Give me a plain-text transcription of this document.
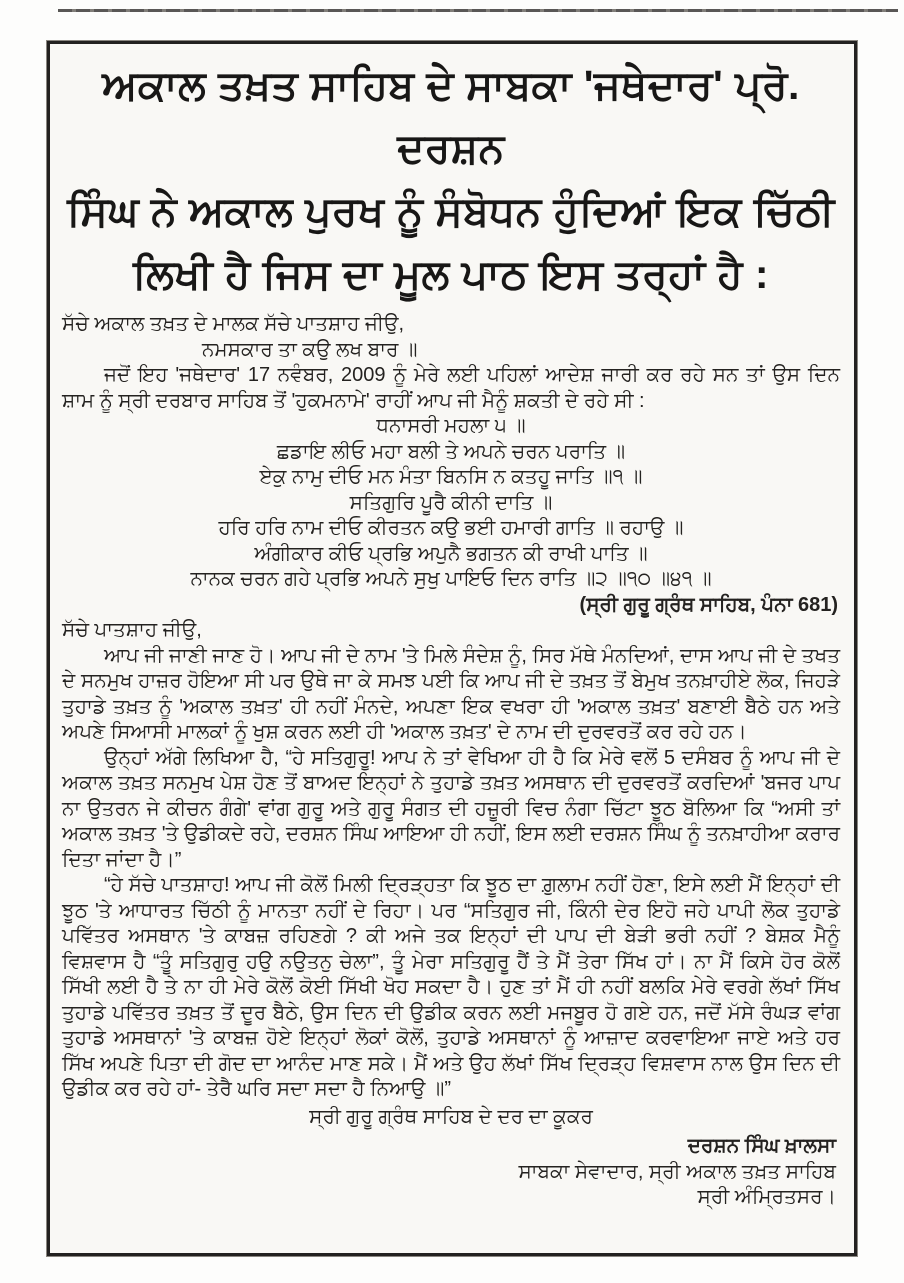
ਅਕਾਲ ਤਖ਼ਤ ਸਾਹਿਬ ਦੇ ਸਾਬਕਾ 'ਜਥੇਦਾਰ' ਪ੍ਰੋ. ਦਰਸ਼ਨ
ਸਿੰਘ ਨੇ ਅਕਾਲ ਪੁਰਖ ਨੂੰ ਸੰਬੋਧਨ ਹੁੰਦਿਆਂ ਇਕ ਚਿੱਠੀ
ਲਿਖੀ ਹੈ ਜਿਸ ਦਾ ਮੂਲ ਪਾਠ ਇਸ ਤਰ੍ਹਾਂ ਹੈ :

ਸੱਚੇ ਅਕਾਲ ਤਖ਼ਤ ਦੇ ਮਾਲਕ ਸੱਚੇ ਪਾਤਸ਼ਾਹ ਜੀਉ,

ਨਮਸਕਾਰ ਤਾ ਕਉ ਲਖ ਬਾਰ ॥

ਜਦੋਂ ਇਹ 'ਜਥੇਦਾਰ' 17 ਨਵੰਬਰ, 2009 ਨੂੰ ਮੇਰੇ ਲਈ ਪਹਿਲਾਂ ਆਦੇਸ਼ ਜਾਰੀ ਕਰ ਰਹੇ ਸਨ ਤਾਂ ਉਸ ਦਿਨ ਸ਼ਾਮ ਨੂੰ ਸ੍ਰੀ ਦਰਬਾਰ ਸਾਹਿਬ ਤੋਂ 'ਹੁਕਮਨਾਮੇ' ਰਾਹੀਂ ਆਪ ਜੀ ਮੈਨੂੰ ਸ਼ਕਤੀ ਦੇ ਰਹੇ ਸੀ :

ਧਨਾਸਰੀ ਮਹਲਾ ੫ ॥
ਛਡਾਇ ਲੀਓ ਮਹਾ ਬਲੀ ਤੇ ਅਪਨੇ ਚਰਨ ਪਰਾਤਿ ॥
ਏਕੁ ਨਾਮੁ ਦੀਓ ਮਨ ਮੰਤਾ ਬਿਨਸਿ ਨ ਕਤਹੂ ਜਾਤਿ ॥੧ ॥
ਸਤਿਗੁਰਿ ਪੂਰੈ ਕੀਨੀ ਦਾਤਿ ॥
ਹਰਿ ਹਰਿ ਨਾਮ ਦੀਓ ਕੀਰਤਨ ਕਉ ਭਈ ਹਮਾਰੀ ਗਾਤਿ ॥ ਰਹਾਉ ॥
ਅੰਗੀਕਾਰ ਕੀਓ ਪ੍ਰਭਿ ਅਪੁਨੈ ਭਗਤਨ ਕੀ ਰਾਖੀ ਪਾਤਿ ॥
ਨਾਨਕ ਚਰਨ ਗਹੇ ਪ੍ਰਭਿ ਅਪਨੇ ਸੁਖੁ ਪਾਇਓ ਦਿਨ ਰਾਤਿ ॥੨ ॥੧੦ ॥੪੧ ॥

(ਸ੍ਰੀ ਗੁਰੂ ਗ੍ਰੰਥ ਸਾਹਿਬ, ਪੰਨਾ 681)

ਸੱਚੇ ਪਾਤਸ਼ਾਹ ਜੀਉ,

ਆਪ ਜੀ ਜਾਣੀ ਜਾਣ ਹੋ। ਆਪ ਜੀ ਦੇ ਨਾਮ 'ਤੇ ਮਿਲੇ ਸੰਦੇਸ਼ ਨੂੰ, ਸਿਰ ਮੱਥੇ ਮੰਨਦਿਆਂ, ਦਾਸ ਆਪ ਜੀ ਦੇ ਤਖਤ ਦੇ ਸਨਮੁਖ ਹਾਜ਼ਰ ਹੋਇਆ ਸੀ ਪਰ ਉਥੇ ਜਾ ਕੇ ਸਮਝ ਪਈ ਕਿ ਆਪ ਜੀ ਦੇ ਤਖ਼ਤ ਤੋਂ ਬੇਮੁਖ ਤਨਖ਼ਾਹੀਏ ਲੋਕ, ਜਿਹੜੇ ਤੁਹਾਡੇ ਤਖ਼ਤ ਨੂੰ 'ਅਕਾਲ ਤਖ਼ਤ' ਹੀ ਨਹੀਂ ਮੰਨਦੇ, ਅਪਣਾ ਇਕ ਵਖਰਾ ਹੀ 'ਅਕਾਲ ਤਖ਼ਤ' ਬਣਾਈ ਬੈਠੇ ਹਨ ਅਤੇ ਅਪਣੇ ਸਿਆਸੀ ਮਾਲਕਾਂ ਨੂੰ ਖੁਸ਼ ਕਰਨ ਲਈ ਹੀ 'ਅਕਾਲ ਤਖ਼ਤ' ਦੇ ਨਾਮ ਦੀ ਦੁਰਵਰਤੋਂ ਕਰ ਰਹੇ ਹਨ।

ਉਨ੍ਹਾਂ ਅੱਗੇ ਲਿਖਿਆ ਹੈ, “ਹੇ ਸਤਿਗੁਰੂ! ਆਪ ਨੇ ਤਾਂ ਵੇਖਿਆ ਹੀ ਹੈ ਕਿ ਮੇਰੇ ਵਲੋਂ 5 ਦਸੰਬਰ ਨੂੰ ਆਪ ਜੀ ਦੇ ਅਕਾਲ ਤਖ਼ਤ ਸਨਮੁਖ ਪੇਸ਼ ਹੋਣ ਤੋਂ ਬਾਅਦ ਇਨ੍ਹਾਂ ਨੇ ਤੁਹਾਡੇ ਤਖ਼ਤ ਅਸਥਾਨ ਦੀ ਦੁਰਵਰਤੋਂ ਕਰਦਿਆਂ 'ਬਜਰ ਪਾਪ ਨਾ ਉਤਰਨ ਜੇ ਕੀਚਨ ਗੰਗੇ' ਵਾਂਗ ਗੁਰੂ ਅਤੇ ਗੁਰੂ ਸੰਗਤ ਦੀ ਹਜ਼ੂਰੀ ਵਿਚ ਨੰਗਾ ਚਿੱਟਾ ਝੂਠ ਬੋਲਿਆ ਕਿ “ਅਸੀ ਤਾਂ ਅਕਾਲ ਤਖ਼ਤ 'ਤੇ ਉਡੀਕਦੇ ਰਹੇ, ਦਰਸ਼ਨ ਸਿੰਘ ਆਇਆ ਹੀ ਨਹੀਂ, ਇਸ ਲਈ ਦਰਸ਼ਨ ਸਿੰਘ ਨੂੰ ਤਨਖ਼ਾਹੀਆ ਕਰਾਰ ਦਿਤਾ ਜਾਂਦਾ ਹੈ।”

“ਹੇ ਸੱਚੇ ਪਾਤਸ਼ਾਹ! ਆਪ ਜੀ ਕੋਲੋਂ ਮਿਲੀ ਦ੍ਰਿੜ੍ਹਤਾ ਕਿ ਝੂਠ ਦਾ ਗ਼ੁਲਾਮ ਨਹੀਂ ਹੋਣਾ, ਇਸੇ ਲਈ ਮੈਂ ਇਨ੍ਹਾਂ ਦੀ ਝੂਠ 'ਤੇ ਆਧਾਰਤ ਚਿੱਠੀ ਨੂੰ ਮਾਨਤਾ ਨਹੀਂ ਦੇ ਰਿਹਾ। ਪਰ “ਸਤਿਗੁਰ ਜੀ, ਕਿੰਨੀ ਦੇਰ ਇਹੋ ਜਹੇ ਪਾਪੀ ਲੋਕ ਤੁਹਾਡੇ ਪਵਿੱਤਰ ਅਸਥਾਨ 'ਤੇ ਕਾਬਜ਼ ਰਹਿਣਗੇ ? ਕੀ ਅਜੇ ਤਕ ਇਨ੍ਹਾਂ ਦੀ ਪਾਪ ਦੀ ਬੇੜੀ ਭਰੀ ਨਹੀਂ ? ਬੇਸ਼ਕ ਮੈਨੂੰ ਵਿਸ਼ਵਾਸ ਹੈ “ਤੂੰ ਸਤਿਗੁਰੁ ਹਉ ਨਉਤਨੁ ਚੇਲਾ”, ਤੂੰ ਮੇਰਾ ਸਤਿਗੁਰੂ ਹੈਂ ਤੇ ਮੈਂ ਤੇਰਾ ਸਿੱਖ ਹਾਂ। ਨਾ ਮੈਂ ਕਿਸੇ ਹੋਰ ਕੋਲੋਂ ਸਿੱਖੀ ਲਈ ਹੈ ਤੇ ਨਾ ਹੀ ਮੇਰੇ ਕੋਲੋਂ ਕੋਈ ਸਿੱਖੀ ਖੋਹ ਸਕਦਾ ਹੈ। ਹੁਣ ਤਾਂ ਮੈਂ ਹੀ ਨਹੀਂ ਬਲਕਿ ਮੇਰੇ ਵਰਗੇ ਲੱਖਾਂ ਸਿੱਖ ਤੁਹਾਡੇ ਪਵਿੱਤਰ ਤਖ਼ਤ ਤੋਂ ਦੂਰ ਬੈਠੇ, ਉਸ ਦਿਨ ਦੀ ਉਡੀਕ ਕਰਨ ਲਈ ਮਜਬੂਰ ਹੋ ਗਏ ਹਨ, ਜਦੋਂ ਮੱਸੇ ਰੰਘੜ ਵਾਂਗ ਤੁਹਾਡੇ ਅਸਥਾਨਾਂ 'ਤੇ ਕਾਬਜ਼ ਹੋਏ ਇਨ੍ਹਾਂ ਲੋਕਾਂ ਕੋਲੋਂ, ਤੁਹਾਡੇ ਅਸਥਾਨਾਂ ਨੂੰ ਆਜ਼ਾਦ ਕਰਵਾਇਆ ਜਾਏ ਅਤੇ ਹਰ ਸਿੱਖ ਅਪਣੇ ਪਿਤਾ ਦੀ ਗੋਦ ਦਾ ਆਨੰਦ ਮਾਣ ਸਕੇ। ਮੈਂ ਅਤੇ ਉਹ ਲੱਖਾਂ ਸਿੱਖ ਦ੍ਰਿੜ੍ਹ ਵਿਸ਼ਵਾਸ ਨਾਲ ਉਸ ਦਿਨ ਦੀ ਉਡੀਕ ਕਰ ਰਹੇ ਹਾਂ- ਤੇਰੈ ਘਰਿ ਸਦਾ ਸਦਾ ਹੈ ਨਿਆਉ ॥”

ਸ੍ਰੀ ਗੁਰੂ ਗ੍ਰੰਥ ਸਾਹਿਬ ਦੇ ਦਰ ਦਾ ਕੂਕਰ

ਦਰਸ਼ਨ ਸਿੰਘ ਖ਼ਾਲਸਾ
ਸਾਬਕਾ ਸੇਵਾਦਾਰ, ਸ੍ਰੀ ਅਕਾਲ ਤਖ਼ਤ ਸਾਹਿਬ
ਸ੍ਰੀ ਅੰਮ੍ਰਿਤਸਰ।
